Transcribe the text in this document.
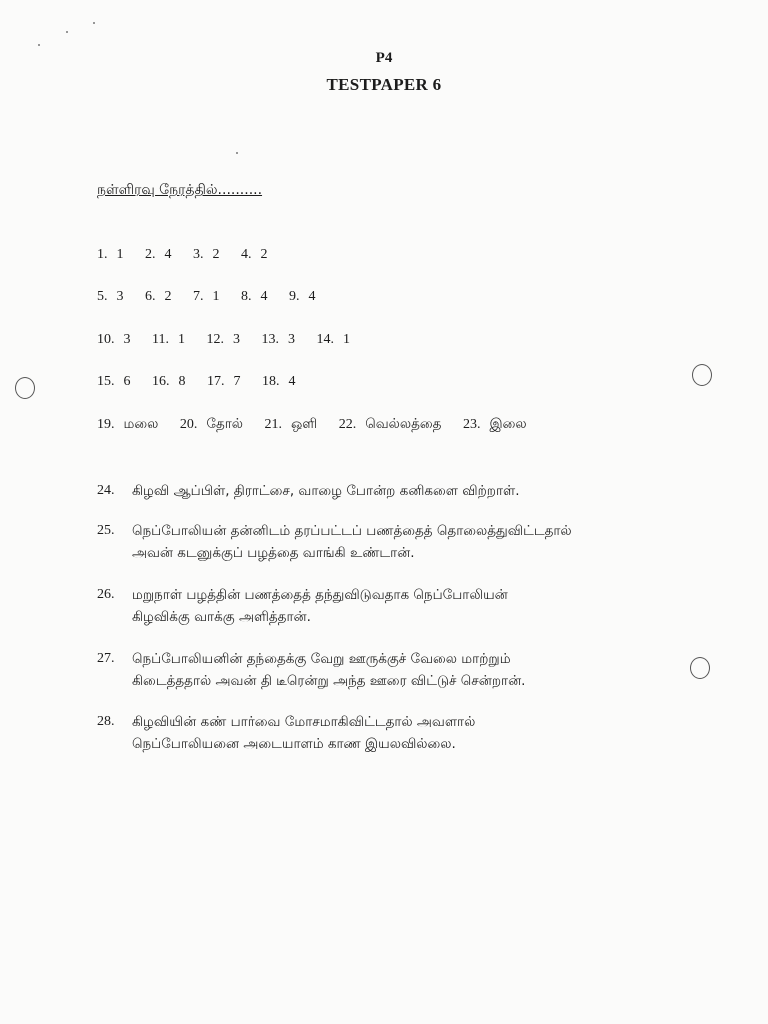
P4
TESTPAPER 6
நள்ளிரவு நேரத்தில்..........
1. 1 2. 4 3. 2 4. 2
5. 3 6. 2 7. 1 8. 4 9. 4
10. 3 11. 1 12. 3 13. 3 14. 1
15. 6 16. 8 17. 7 18. 4
19. மலை 20. தோல் 21. ஒளி 22. வெல்லத்தை 23. இலை
24. கிழவி ஆப்பிள், திராட்சை, வாழை போன்ற கனிகளை விற்றாள்.
25. நெப்போலியன் தன்னிடம் தரப்பட்டப் பணத்தைத் தொலைத்துவிட்டதால்
அவன் கடனுக்குப் பழத்தை வாங்கி உண்டான்.
26. மறுநாள் பழத்தின் பணத்தைத் தந்துவிடுவதாக நெப்போலியன்
கிழவிக்கு வாக்கு அளித்தான்.
27. நெப்போலியனின் தந்தைக்கு வேறு ஊருக்குச் வேலை மாற்றும்
கிடைத்ததால் அவன் தி டீரென்று அந்த ஊரை விட்டுச் சென்றான்.
28. கிழவியின் கண் பார்வை மோசமாகிவிட்டதால் அவளால்
நெப்போலியனை அடையாளம் காண இயலவில்லை.
